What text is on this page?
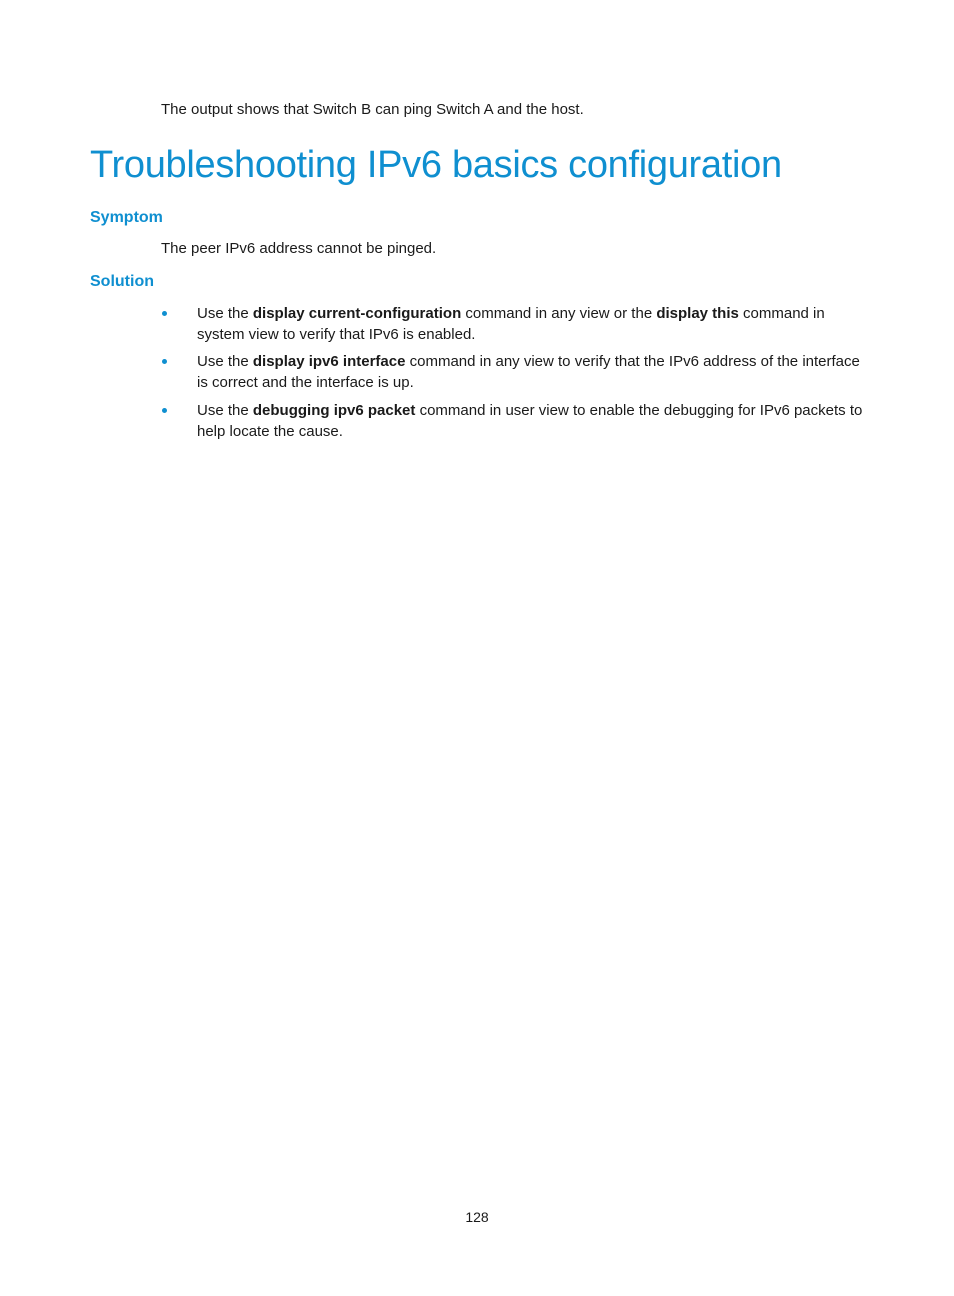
The output shows that Switch B can ping Switch A and the host.

Troubleshooting IPv6 basics configuration
Symptom

The peer IPv6 address cannot be pinged.

Solution
Use the display current-configuration command in any view or the display this command in system view to verify that IPv6 is enabled.
Use the display ipv6 interface command in any view to verify that the IPv6 address of the interface is correct and the interface is up.
Use the debugging ipv6 packet command in user view to enable the debugging for IPv6 packets to help locate the cause.

128
